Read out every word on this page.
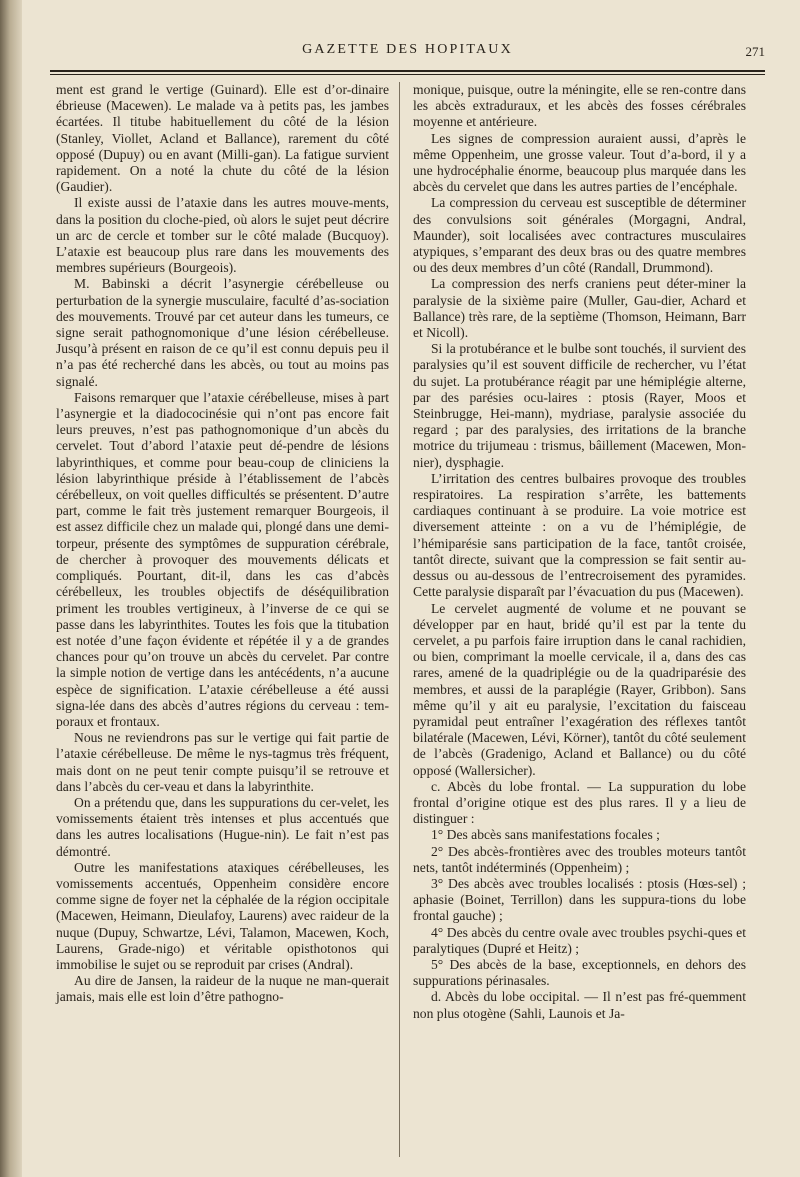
GAZETTE DES HOPITAUX	271

ment est grand le vertige (Guinard). Elle est d’or-dinaire ébrieuse (Macewen). Le malade va à petits pas, les jambes écartées. Il titube habituellement du côté de la lésion (Stanley, Viollet, Acland et Ballance), rarement du côté opposé (Dupuy) ou en avant (Milli-gan). La fatigue survient rapidement. On a noté la chute du côté de la lésion (Gaudier).

Il existe aussi de l’ataxie dans les autres mouve-ments, dans la position du cloche-pied, où alors le sujet peut décrire un arc de cercle et tomber sur le côté malade (Bucquoy). L’ataxie est beaucoup plus rare dans les mouvements des membres supérieurs (Bourgeois).

M. Babinski a décrit l’asynergie cérébelleuse ou perturbation de la synergie musculaire, faculté d’as-sociation des mouvements. Trouvé par cet auteur dans les tumeurs, ce signe serait pathognomonique d’une lésion cérébelleuse. Jusqu’à présent en raison de ce qu’il est connu depuis peu il n’a pas été recherché dans les abcès, ou tout au moins pas signalé.

Faisons remarquer que l’ataxie cérébelleuse, mises à part l’asynergie et la diadococinésie qui n’ont pas encore fait leurs preuves, n’est pas pathognomonique d’un abcès du cervelet. Tout d’abord l’ataxie peut dé-pendre de lésions labyrinthiques, et comme pour beau-coup de cliniciens la lésion labyrinthique préside à l’établissement de l’abcès cérébelleux, on voit quelles difficultés se présentent. D’autre part, comme le fait très justement remarquer Bourgeois, il est assez difficile chez un malade qui, plongé dans une demi-torpeur, présente des symptômes de suppuration cérébrale, de chercher à provoquer des mouvements délicats et compliqués. Pourtant, dit-il, dans les cas d’abcès cérébelleux, les troubles objectifs de déséquilibration priment les troubles vertigineux, à l’inverse de ce qui se passe dans les labyrinthites. Toutes les fois que la titubation est notée d’une façon évidente et répétée il y a de grandes chances pour qu’on trouve un abcès du cervelet. Par contre la simple notion de vertige dans les antécédents, n’a aucune espèce de signification. L’ataxie cérébelleuse a été aussi signa-lée dans des abcès d’autres régions du cerveau : tem-poraux et frontaux.

Nous ne reviendrons pas sur le vertige qui fait partie de l’ataxie cérébelleuse. De même le nys-tagmus très fréquent, mais dont on ne peut tenir compte puisqu’il se retrouve et dans l’abcès du cer-veau et dans la labyrinthite.

On a prétendu que, dans les suppurations du cer-velet, les vomissements étaient très intenses et plus accentués que dans les autres localisations (Hugue-nin). Le fait n’est pas démontré.

Outre les manifestations ataxiques cérébelleuses, les vomissements accentués, Oppenheim considère encore comme signe de foyer net la céphalée de la région occipitale (Macewen, Heimann, Dieulafoy, Laurens) avec raideur de la nuque (Dupuy, Schwartze, Lévi, Talamon, Macewen, Koch, Laurens, Grade-nigo) et véritable opisthotonos qui immobilise le sujet ou se reproduit par crises (Andral).

Au dire de Jansen, la raideur de la nuque ne man-querait jamais, mais elle est loin d’être pathogno-

monique, puisque, outre la méningite, elle se ren-contre dans les abcès extraduraux, et les abcès des fosses cérébrales moyenne et antérieure.

Les signes de compression auraient aussi, d’après le même Oppenheim, une grosse valeur. Tout d’a-bord, il y a une hydrocéphalie énorme, beaucoup plus marquée dans les abcès du cervelet que dans les autres parties de l’encéphale.

La compression du cerveau est susceptible de déterminer des convulsions soit générales (Morgagni, Andral, Maunder), soit localisées avec contractures musculaires atypiques, s’emparant des deux bras ou des quatre membres ou des deux membres d’un côté (Randall, Drummond).

La compression des nerfs craniens peut déter-miner la paralysie de la sixième paire (Muller, Gau-dier, Achard et Ballance) très rare, de la septième (Thomson, Heimann, Barr et Nicoll).

Si la protubérance et le bulbe sont touchés, il survient des paralysies qu’il est souvent difficile de rechercher, vu l’état du sujet. La protubérance réagit par une hémiplégie alterne, par des parésies ocu-laires : ptosis (Rayer, Moos et Steinbrugge, Hei-mann), mydriase, paralysie associée du regard ; par des paralysies, des irritations de la branche motrice du trijumeau : trismus, bâillement (Macewen, Mon-nier), dysphagie.

L’irritation des centres bulbaires provoque des troubles respiratoires. La respiration s’arrête, les battements cardiaques continuant à se produire. La voie motrice est diversement atteinte : on a vu de l’hémiplégie, de l’hémiparésie sans participation de la face, tantôt croisée, tantôt directe, suivant que la compression se fait sentir au-dessus ou au-dessous de l’entrecroisement des pyramides. Cette paralysie disparaît par l’évacuation du pus (Macewen).

Le cervelet augmenté de volume et ne pouvant se développer par en haut, bridé qu’il est par la tente du cervelet, a pu parfois faire irruption dans le canal rachidien, ou bien, comprimant la moelle cervicale, il a, dans des cas rares, amené de la quadriplégie ou de la quadriparésie des membres, et aussi de la paraplégie (Rayer, Gribbon). Sans même qu’il y ait eu paralysie, l’excitation du faisceau pyramidal peut entraîner l’exagération des réflexes tantôt bilatérale (Macewen, Lévi, Körner), tantôt du côté seulement de l’abcès (Gradenigo, Acland et Ballance) ou du côté opposé (Wallersicher).

c. Abcès du lobe frontal. — La suppuration du lobe frontal d’origine otique est des plus rares. Il y a lieu de distinguer :

1° Des abcès sans manifestations focales ;

2° Des abcès-frontières avec des troubles moteurs tantôt nets, tantôt indéterminés (Oppenheim) ;

3° Des abcès avec troubles localisés : ptosis (Hœs-sel) ; aphasie (Boinet, Terrillon) dans les suppura-tions du lobe frontal gauche) ;

4° Des abcès du centre ovale avec troubles psychi-ques et paralytiques (Dupré et Heitz) ;

5° Des abcès de la base, exceptionnels, en dehors des suppurations périnasales.

d. Abcès du lobe occipital. — Il n’est pas fré-quemment non plus otogène (Sahli, Launois et Ja-
